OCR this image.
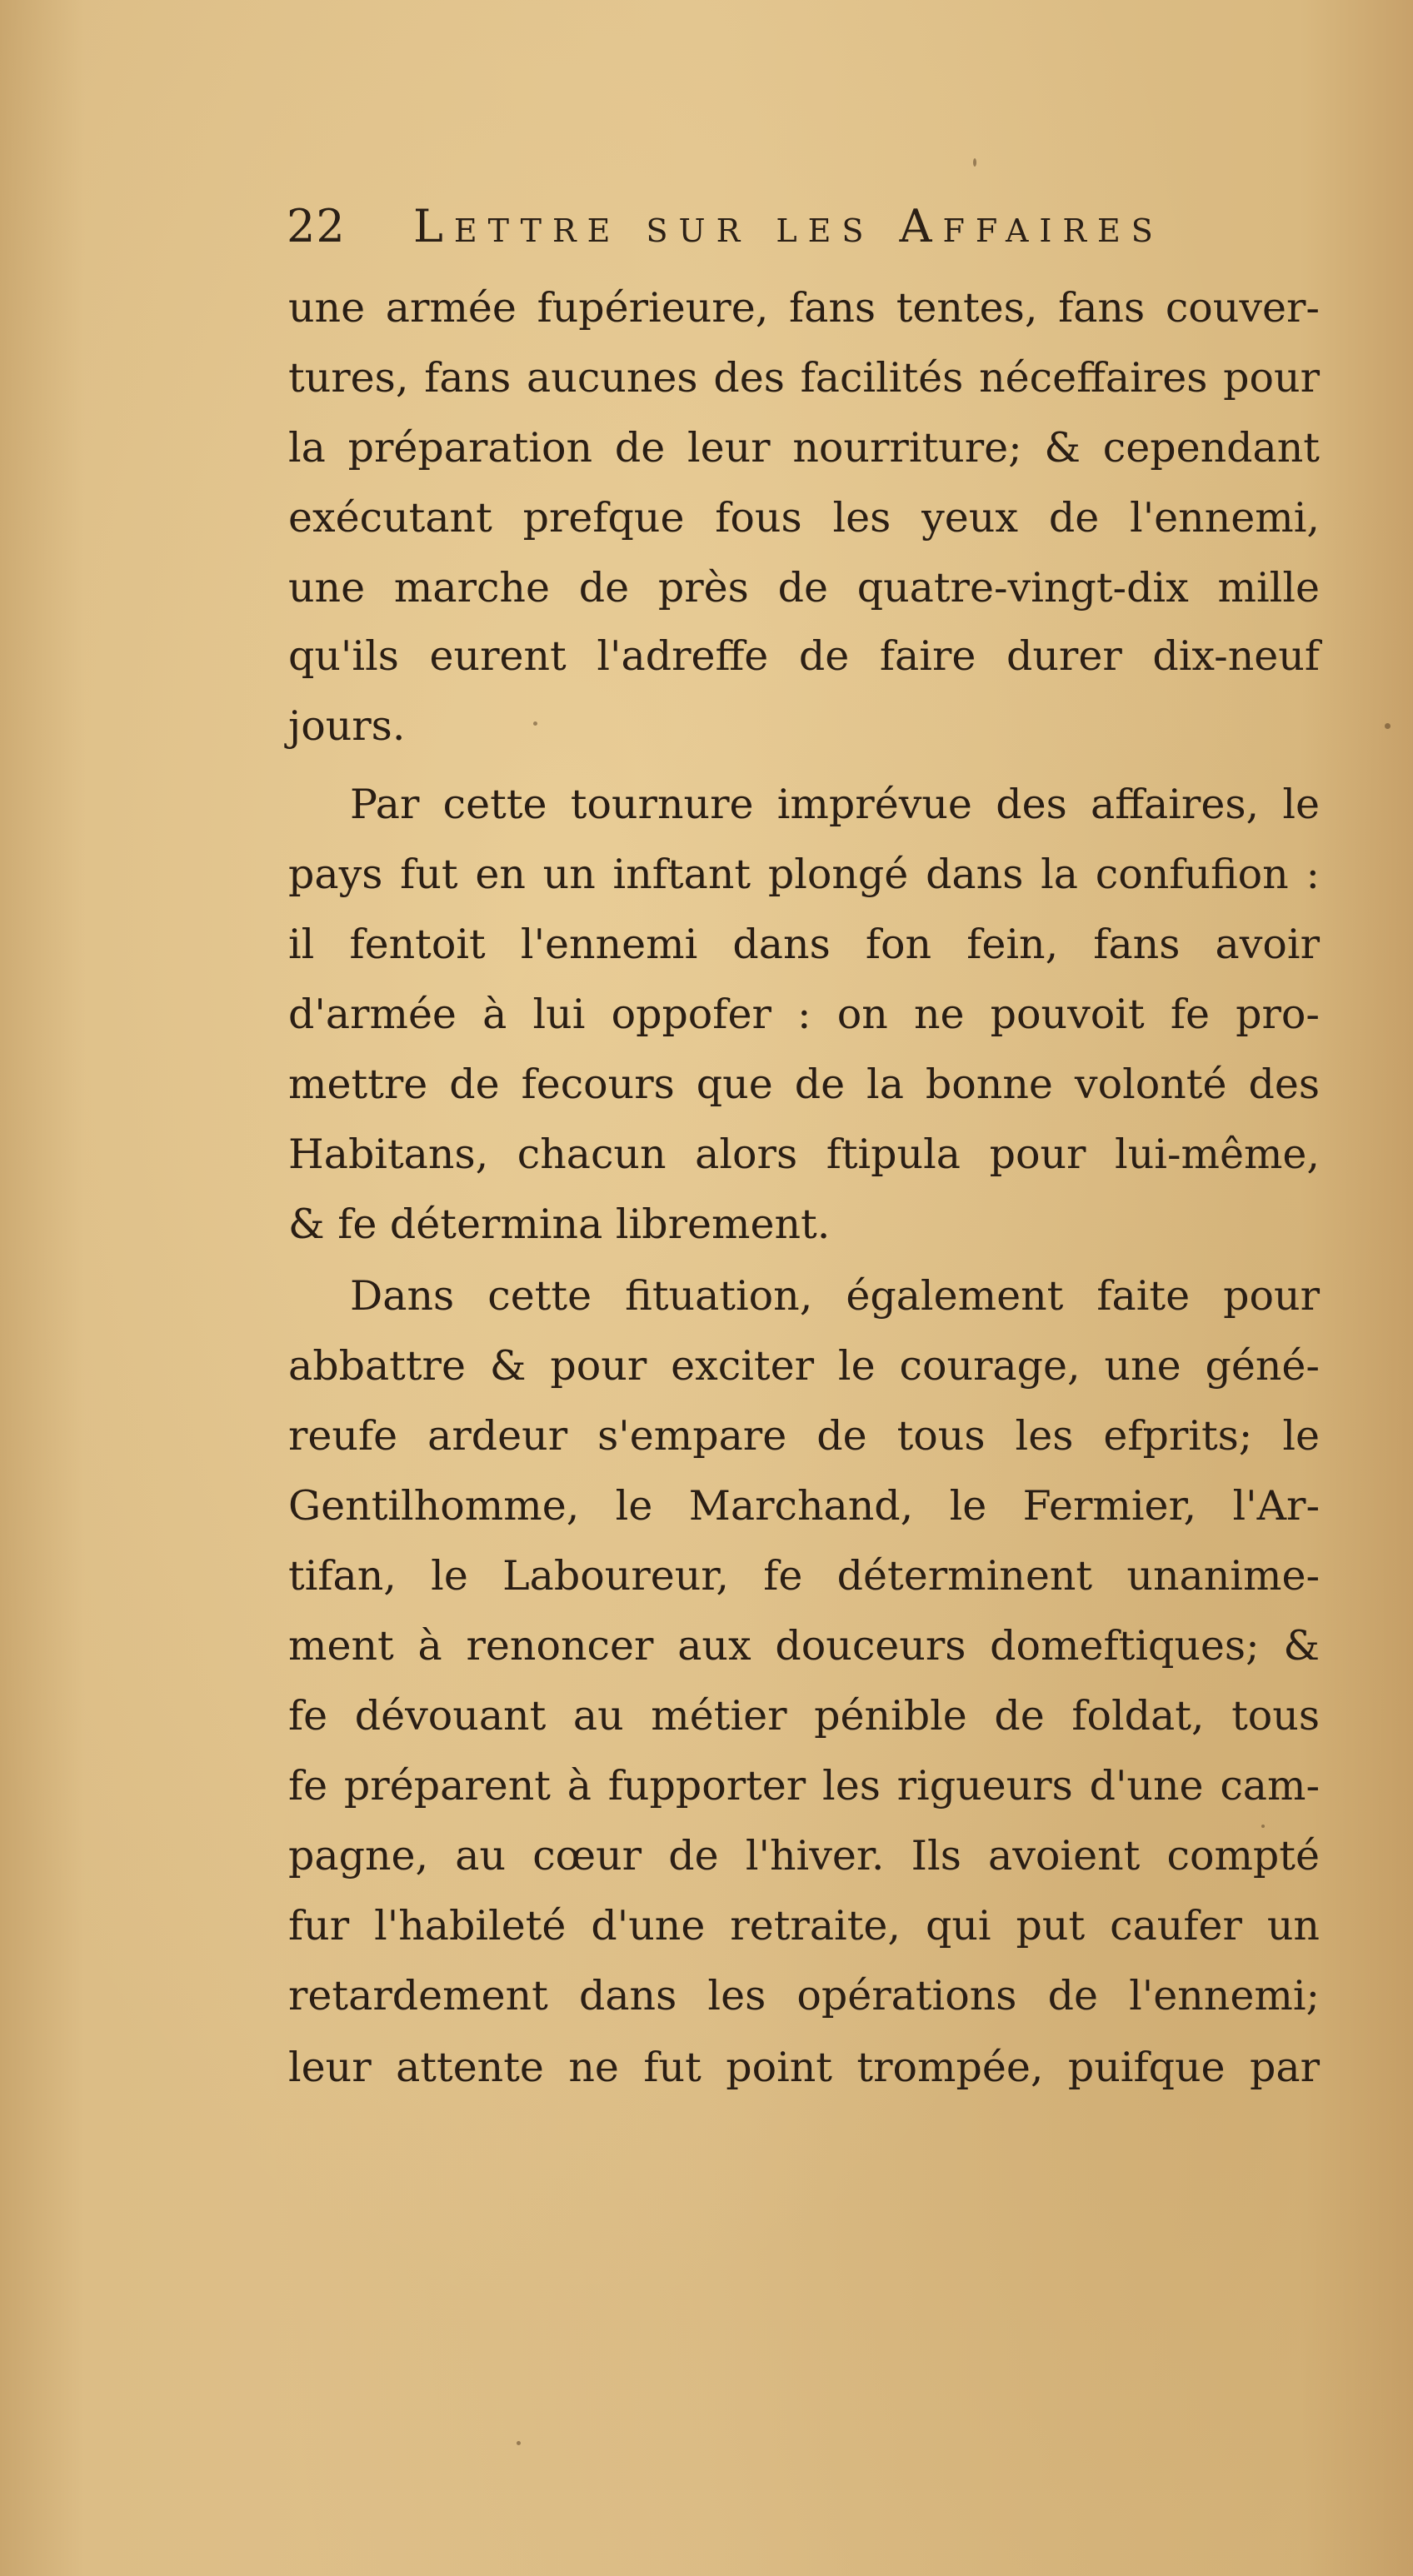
22 Lettre sur les Affaires
une armée fupérieure, fans tentes, fans couver-
tures, fans aucunes des facilités néceffaires pour
la préparation de leur nourriture; & cependant
exécutant prefque fous les yeux de l'ennemi,
une marche de près de quatre-vingt-dix mille
qu'ils eurent l'adreffe de faire durer dix-neuf
jours.
Par cette tournure imprévue des affaires, le
pays fut en un inftant plongé dans la confufion :
il fentoit l'ennemi dans fon fein, fans avoir
d'armée à lui oppofer : on ne pouvoit fe pro-
mettre de fecours que de la bonne volonté des
Habitans, chacun alors ftipula pour lui-même,
& fe détermina librement.
Dans cette fituation, également faite pour
abbattre & pour exciter le courage, une géné-
reufe ardeur s'empare de tous les efprits; le
Gentilhomme, le Marchand, le Fermier, l'Ar-
tifan, le Laboureur, fe déterminent unanime-
ment à renoncer aux douceurs domeftiques; &
fe dévouant au métier pénible de foldat, tous
fe préparent à fupporter les rigueurs d'une cam-
pagne, au cœur de l'hiver. Ils avoient compté
fur l'habileté d'une retraite, qui put caufer un
retardement dans les opérations de l'ennemi;
leur attente ne fut point trompée, puifque par
